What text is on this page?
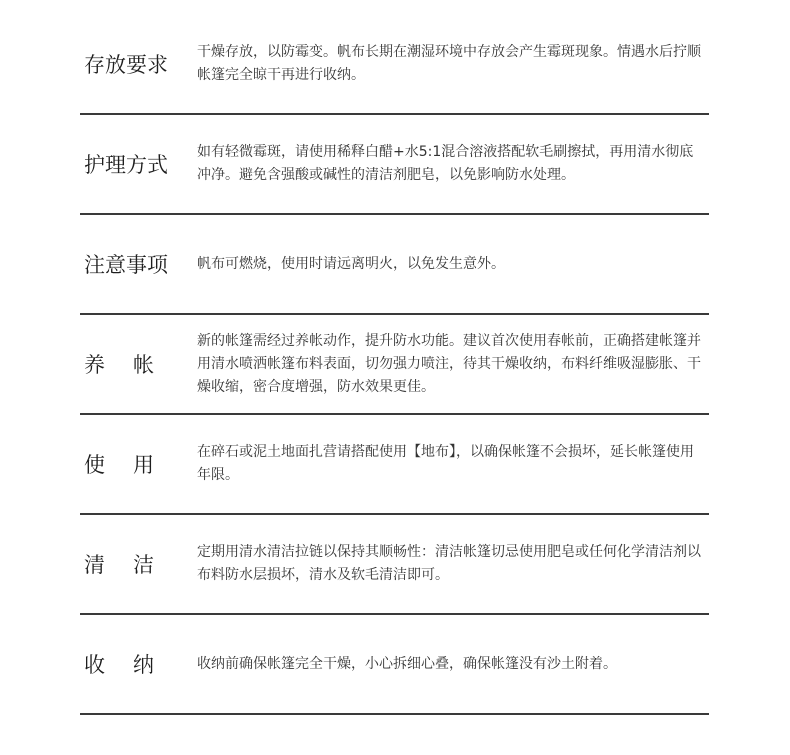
存放要求
干燥存放，以防霉变。帆布长期在潮湿环境中存放会产生霉斑现象。情遇水后拧顺帐篷完全晾干再进行收纳。
护理方式
如有轻微霉斑，请使用稀释白醋+水5:1混合溶液搭配软毛刷擦拭，再用清水彻底冲净。避免含强酸或碱性的清洁剂肥皂，以免影响防水处理。
注意事项	帆布可燃烧，使用时请远离明火，以免发生意外。
养 帐
新的帐篷需经过养帐动作，提升防水功能。建议首次使用春帐前，正确搭建帐篷并用清水喷洒帐篷布料表面，切勿强力喷注，待其干燥收纳，布料纤维吸湿膨胀、干燥收缩，密合度增强，防水效果更佳。
使 用
在碎石或泥土地面扎营请搭配使用【地布】，以确保帐篷不会损坏，延长帐篷使用年限。
清 洁
定期用清水清洁拉链以保持其顺畅性：清洁帐篷切忌使用肥皂或任何化学清洁剂以布料防水层损坏，清水及软毛清洁即可。
收 纳	收纳前确保帐篷完全干燥，小心拆细心叠，确保帐篷没有沙土附着。
